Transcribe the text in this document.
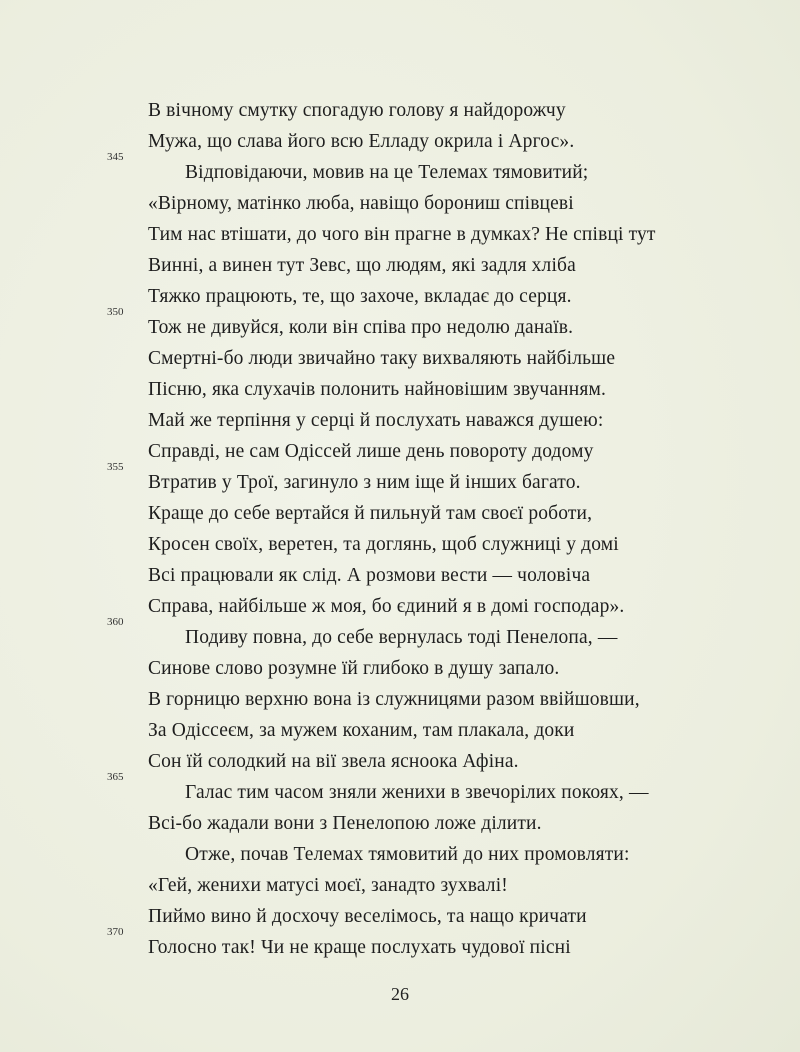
В вічному смутку спогадую голову я найдорожчу
Мужа, що слава його всю Елладу окрила і Аргос».
345
Відповідаючи, мовив на це Телемах тямовитий;
«Вірному, матінко люба, навіщо борониш співцеві
Тим нас втішати, до чого він прагне в думках? Не співці тут
Винні, а винен тут Зевс, що людям, які задля хліба
Тяжко працюють, те, що захоче, вкладає до серця.
350
Тож не дивуйся, коли він співа про недолю данаїв.
Смертні-бо люди звичайно таку вихваляють найбільше
Пісню, яка слухачів полонить найновішим звучанням.
Май же терпіння у серці й послухать наважся душею:
Справді, не сам Одіссей лише день повороту додому
355
Втратив у Трої, загинуло з ним іще й інших багато.
Краще до себе вертайся й пильнуй там своєї роботи,
Кросен своїх, веретен, та доглянь, щоб служниці у домі
Всі працювали як слід. А розмови вести — чоловіча
Справа, найбільше ж моя, бо єдиний я в домі господар».
360
Подиву повна, до себе вернулась тоді Пенелопа, —
Синове слово розумне їй глибоко в душу запало.
В горницю верхню вона із служницями разом ввійшовши,
За Одіссеєм, за мужем коханим, там плакала, доки
Сон їй солодкий на вії звела ясноока Афіна.
365
Галас тим часом зняли женихи в звечорілих покоях, —
Всі-бо жадали вони з Пенелопою ложе ділити.
Отже, почав Телемах тямовитий до них промовляти:
«Гей, женихи матусі моєї, занадто зухвалі!
Пиймо вино й досхочу веселімось, та нащо кричати
370
Голосно так! Чи не краще послухать чудової пісні
26
